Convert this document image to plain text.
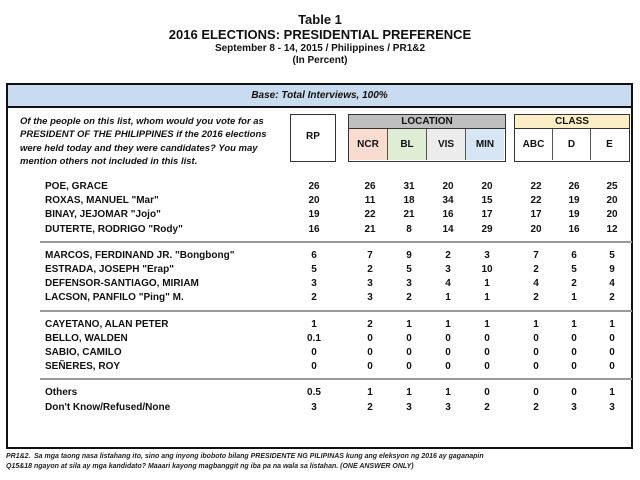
Table 1
2016 ELECTIONS: PRESIDENTIAL PREFERENCE
September 8 - 14, 2015 / Philippines / PR1&2
(In Percent)
Base: Total Interviews, 100%
Of the people on this list, whom would you vote for as PRESIDENT OF THE PHILIPPINES if the 2016 elections were held today and they were candidates? You may mention others not included in this list.
RP
LOCATION
NCR	BL	VIS	MIN
CLASS
ABC	D	E
POE, GRACE	26	26	31	20	20	22	26	25
ROXAS, MANUEL "Mar"	20	11	18	34	15	22	19	20
BINAY, JEJOMAR "Jojo"	19	22	21	16	17	17	19	20
DUTERTE, RODRIGO "Rody"	16	21	8	14	29	20	16	12
MARCOS, FERDINAND JR. "Bongbong"	6	7	9	2	3	7	6	5
ESTRADA, JOSEPH "Erap"	5	2	5	3	10	2	5	9
DEFENSOR-SANTIAGO, MIRIAM	3	3	3	4	1	4	2	4
LACSON, PANFILO "Ping" M.	2	3	2	1	1	2	1	2
CAYETANO, ALAN PETER	1	2	1	1	1	1	1	1
BELLO, WALDEN	0.1	0	0	0	0	0	0	0
SABIO, CAMILO	0	0	0	0	0	0	0	0
SEÑERES, ROY	0	0	0	0	0	0	0	0
Others	0.5	1	1	1	0	0	0	1
Don't Know/Refused/None	3	2	3	3	2	2	3	3
PR1&2. Sa mga taong nasa listahang ito, sino ang inyong iboboto bilang PRESIDENTE NG PILIPINAS kung ang eleksyon ng 2016 ay gaganapin
Q15&18 ngayon at sila ay mga kandidato? Maaari kayong magbanggit ng iba pa na wala sa listahan. (ONE ANSWER ONLY)
